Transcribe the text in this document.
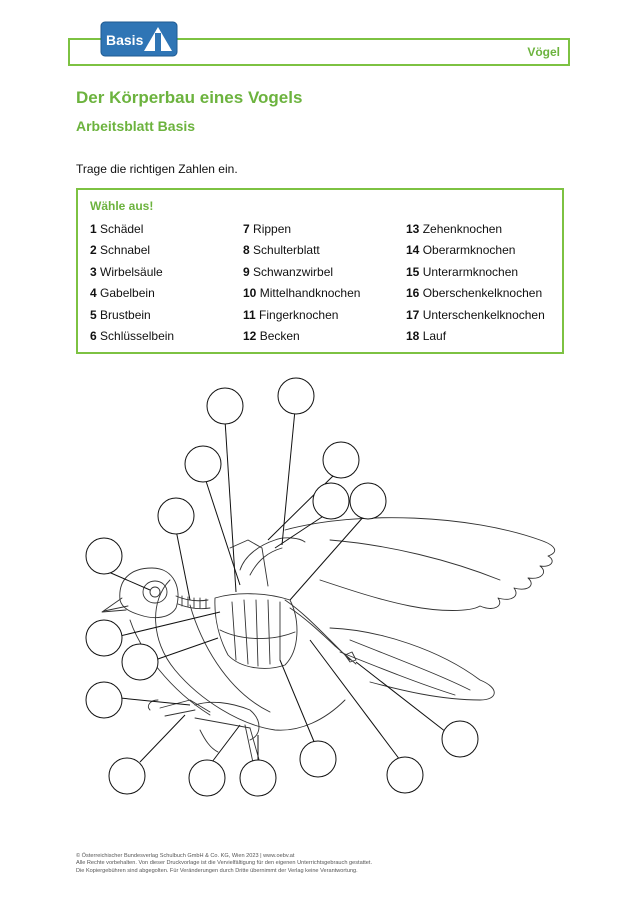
Vögel
Basis
Der Körperbau eines Vogels
Arbeitsblatt Basis
Trage die richtigen Zahlen ein.
Wähle aus!
1 Schädel
2 Schnabel
3 Wirbelsäule
4 Gabelbein
5 Brustbein
6 Schlüsselbein
7 Rippen
8 Schulterblatt
9 Schwanzwirbel
10 Mittelhandknochen
11 Fingerknochen
12 Becken
13 Zehenknochen
14 Oberarmknochen
15 Unterarmknochen
16 Oberschenkelknochen
17 Unterschenkelknochen
18 Lauf
© Österreichischer Bundesverlag Schulbuch GmbH & Co. KG, Wien 2023 | www.oebv.at
Alle Rechte vorbehalten. Von dieser Druckvorlage ist die Vervielfältigung für den eigenen Unterrichtsgebrauch gestattet.
Die Kopiergebühren sind abgegolten. Für Veränderungen durch Dritte übernimmt der Verlag keine Verantwortung.
